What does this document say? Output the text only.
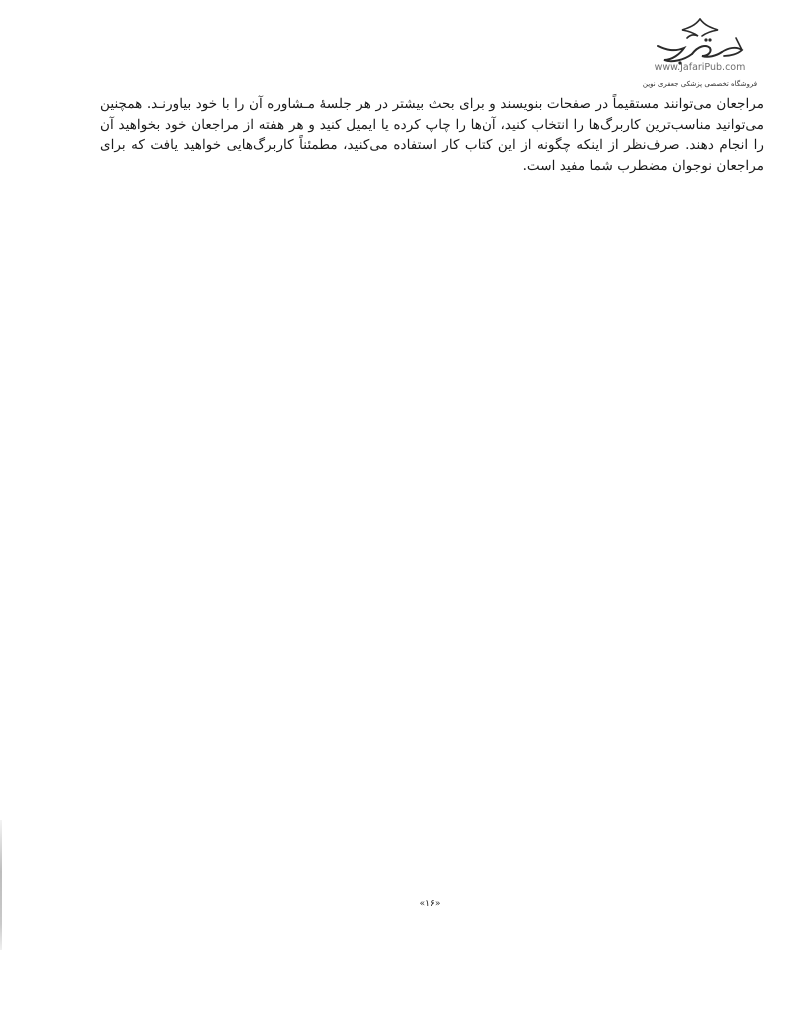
www.JafariPub.com
فروشگاه تخصصی پزشکی جعفری نوین

مراجعان می‌توانند مستقیماً در صفحات بنویسند و برای بحث بیشتر در هر جلسهٔ مـشاوره آن را با خود بیاورنـد. همچنین می‌توانید مناسب‌ترین کاربرگ‌ها را انتخاب کنید، آن‌ها را چاپ کرده یا ایمیل کنید و هر هفته از مراجعان خود بخواهید آن را انجام دهند. صرف‌نظر از اینکه چگونه از این کتاب کار استفاده می‌کنید، مطمئناً کاربرگ‌هایی خواهید یافت که برای مراجعان نوجوان مضطرب شما مفید است.

«۱۶»
